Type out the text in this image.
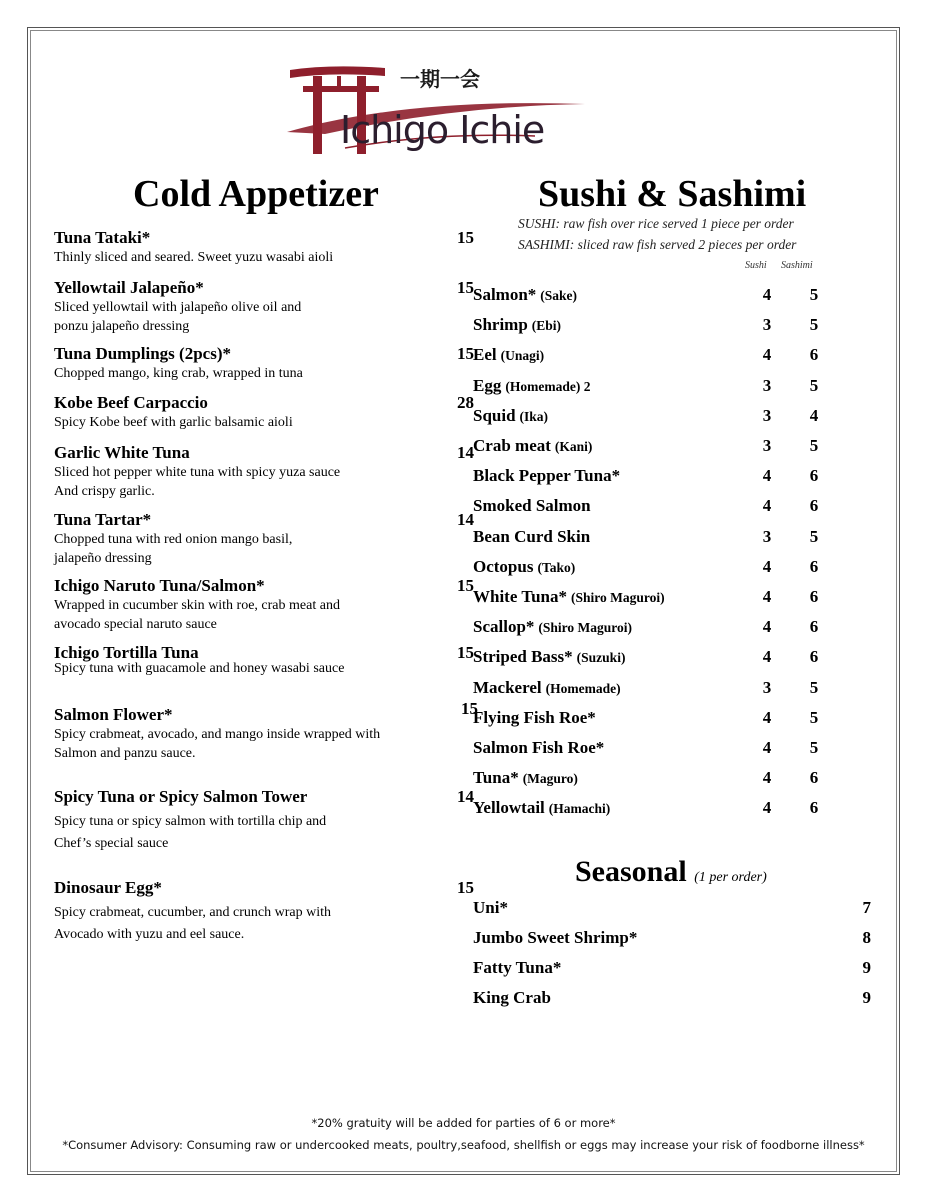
一期一会
Ichigo Ichie
Cold Appetizer
Tuna Tataki*	15
Thinly sliced and seared. Sweet yuzu wasabi aioli
Yellowtail Jalapeño*	15
Sliced yellowtail with jalapeño olive oil and
ponzu jalapeño dressing
Tuna Dumplings (2pcs)*	15
Chopped mango, king crab, wrapped in tuna
Kobe Beef Carpaccio	28
Spicy Kobe beef with garlic balsamic aioli
Garlic White Tuna	14
Sliced hot pepper white tuna with spicy yuza sauce
And crispy garlic.
Tuna Tartar*	14
Chopped tuna with red onion mango basil,
jalapeño dressing
Ichigo Naruto Tuna/Salmon*	15
Wrapped in cucumber skin with roe, crab meat and
avocado special naruto sauce
Ichigo Tortilla Tuna	15
Spicy tuna with guacamole and honey wasabi sauce
Salmon Flower*	15
Spicy crabmeat, avocado, and mango inside wrapped with
Salmon and panzu sauce.
Spicy Tuna or Spicy Salmon Tower	14
Spicy tuna or spicy salmon with tortilla chip and
Chef’s special sauce
Dinosaur Egg*	15
Spicy crabmeat, cucumber, and crunch wrap with
Avocado with yuzu and eel sauce.
Sushi & Sashimi
SUSHI: raw fish over rice served 1 piece per order
SASHIMI: sliced raw fish served 2 pieces per order
Sushi Sashimi
Salmon* (Sake)	4 5
Shrimp (Ebi)	3 5
Eel (Unagi)	4 6
Egg (Homemade) 2	3 5
Squid (Ika)	3 4
Crab meat (Kani)	3 5
Black Pepper Tuna*	4 6
Smoked Salmon	4 6
Bean Curd Skin	3 5
Octopus (Tako)	4 6
White Tuna* (Shiro Maguroi)	4 6
Scallop* (Shiro Maguroi)	4 6
Striped Bass* (Suzuki)	4 6
Mackerel (Homemade)	3 5
Flying Fish Roe*	4 5
Salmon Fish Roe*	4 5
Tuna* (Maguro)	4 6
Yellowtail (Hamachi)	4 6
Seasonal (1 per order)
Uni*	7
Jumbo Sweet Shrimp*	8
Fatty Tuna*	9
King Crab	9
*20% gratuity will be added for parties of 6 or more*
*Consumer Advisory: Consuming raw or undercooked meats, poultry,seafood, shellfish or eggs may increase your risk of foodborne illness*
